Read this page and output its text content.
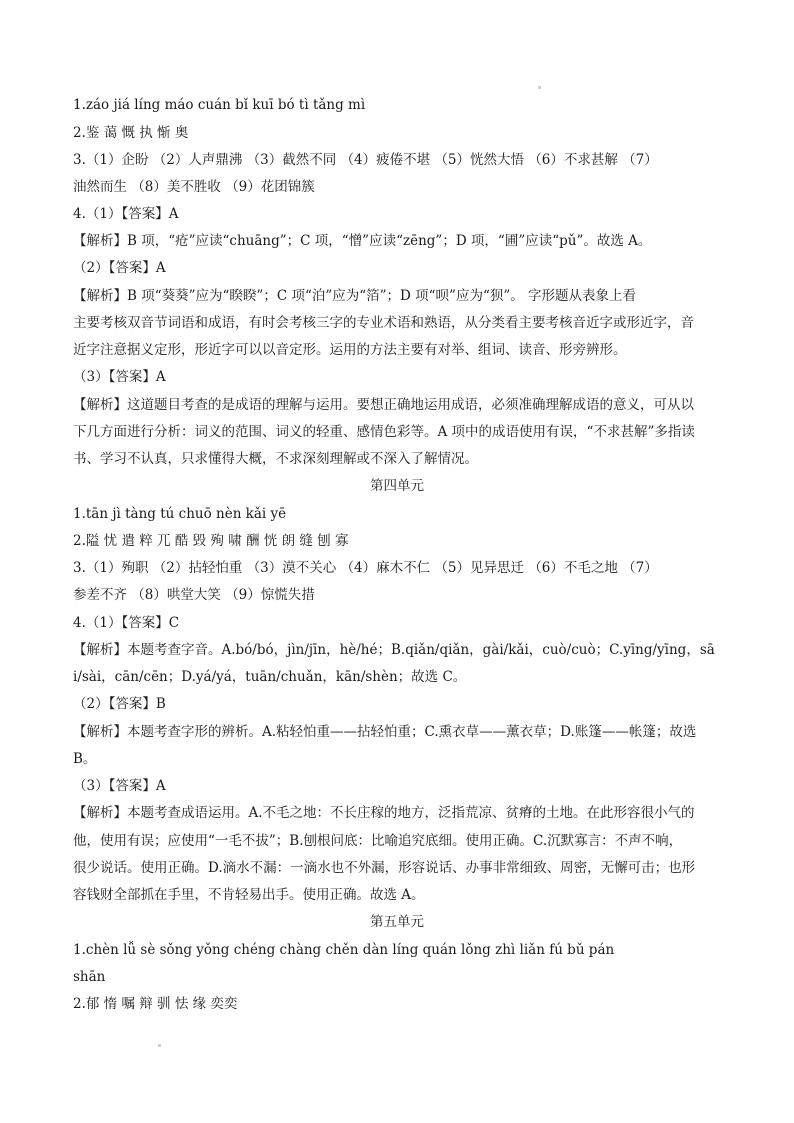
1.záo jiá líng máo cuán bǐ kuī bó tì tǎng mì
2.鉴 蔼 慨 执 惭 奥
3.（1）企盼 （2）人声鼎沸 （3）截然不同 （4）疲倦不堪 （5）恍然大悟 （6）不求甚解 （7）
油然而生 （8）美不胜收 （9）花团锦簇
4.（1）【答案】A
【解析】B 项，“疮”应读“chuāng”；C 项，“憎”应读“zēng”；D 项，“圃”应读“pǔ”。故选 A。
（2）【答案】A
【解析】B 项“葵葵”应为“睽睽”；C 项“泊”应为“箔”；D 项“呗”应为“狈”。 字形题从表象上看
主要考核双音节词语和成语，有时会考核三字的专业术语和熟语，从分类看主要考核音近字或形近字，音
近字注意据义定形，形近字可以以音定形。运用的方法主要有对举、组词、读音、形旁辨形。
（3）【答案】A
【解析】这道题目考查的是成语的理解与运用。要想正确地运用成语，必须准确理解成语的意义，可从以
下几方面进行分析：词义的范围、词义的轻重、感情色彩等。A 项中的成语使用有误，“不求甚解”多指读
书、学习不认真，只求懂得大概，不求深刻理解或不深入了解情况。
第四单元
1.tān jì tàng tú chuō nèn kǎi yē
2.隘 忧 遣 粹 兀 酷 毁 殉 啸 酬 恍 朗 缝 刨 寡
3.（1）殉职 （2）拈轻怕重 （3）漠不关心 （4）麻木不仁 （5）见异思迁 （6）不毛之地 （7）
参差不齐 （8）哄堂大笑 （9）惊慌失措
4.（1）【答案】C
【解析】本题考查字音。A.bó/bó，jìn/jīn，hè/hé；B.qiǎn/qiǎn，gài/kǎi，cuò/cuò；C.yīng/yīng，sā
i/sài，cān/cēn；D.yá/yá，tuān/chuǎn，kān/shèn；故选 C。
（2）【答案】B
【解析】本题考查字形的辨析。A.粘轻怕重——拈轻怕重；C.熏衣草——薰衣草；D.账篷——帐篷；故选
B。
（3）【答案】A
【解析】本题考查成语运用。A.不毛之地：不长庄稼的地方，泛指荒凉、贫瘠的土地。在此形容很小气的
他，使用有误；应使用“一毛不拔”；B.刨根问底：比喻追究底细。使用正确。C.沉默寡言：不声不响，
很少说话。使用正确。D.滴水不漏：一滴水也不外漏，形容说话、办事非常细致、周密，无懈可击；也形
容钱财全部抓在手里，不肯轻易出手。使用正确。故选 A。
第五单元
1.chèn lǚ sè sǒng yǒng chéng chàng chěn dàn líng quán lǒng zhì liǎn fú bǔ pán
shān
2.郁 惰 嘱 辩 驯 怯 缘 奕奕
